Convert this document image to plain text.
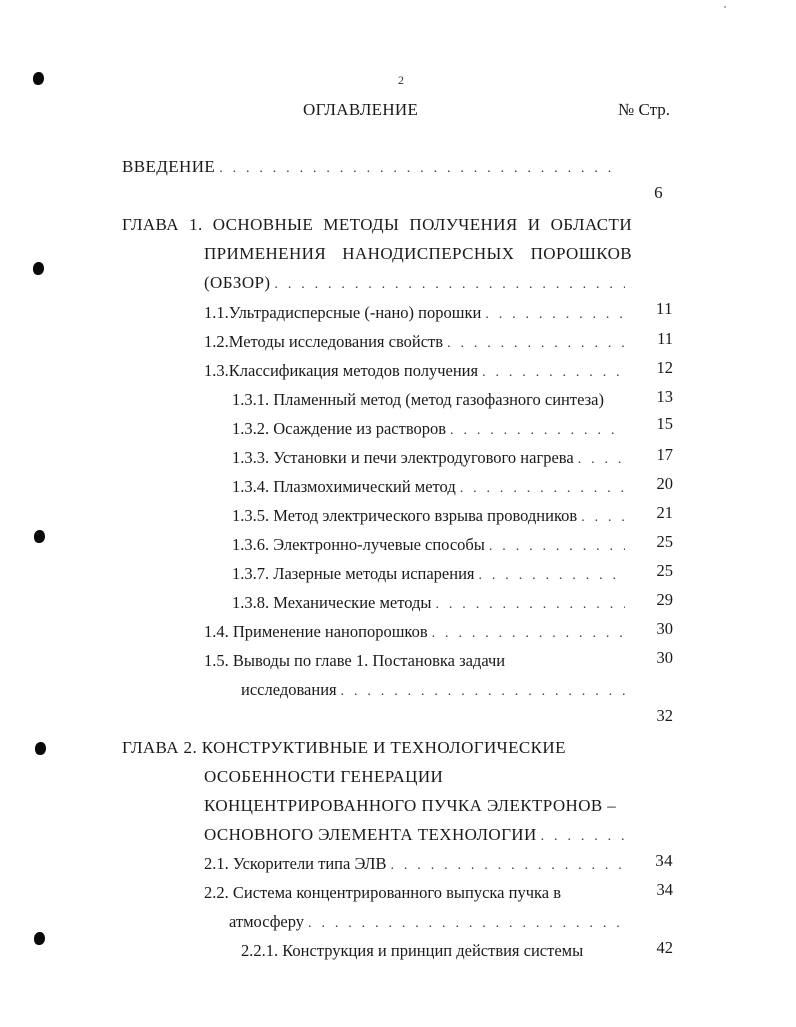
2
ОГЛАВЛЕНИЕ	№ Стр.
ВВЕДЕНИЕ
. . .
6
ГЛАВА 1. ОСНОВНЫЕ МЕТОДЫ ПОЛУЧЕНИЯ И ОБЛАСТИ
ПРИМЕНЕНИЯ НАНОДИСПЕРСНЫХ ПОРОШКОВ
(ОБЗОР)
. . .
11
1.1. Ультрадисперсные (-нано) порошки
. . .
11
1.2. Методы исследования свойств
. . .
12
1.3. Классификация методов получения
. . .
13
1.3.1. Пламенный метод (метод газофазного синтеза)
15
1.3.2. Осаждение из растворов
. . .
17
1.3.3. Установки и печи электродугового нагрева
. . .
20
1.3.4. Плазмохимический метод
. . .
21
1.3.5. Метод электрического взрыва проводников
. . .
25
1.3.6. Электронно-лучевые способы
. . .
25
1.3.7. Лазерные методы испарения
. . .
29
1.3.8. Механические методы
. . .
30
1.4. Применение нанопорошков
. . .
30
1.5. Выводы по главе 1. Постановка задачи
исследования
. . .
32
ГЛАВА 2. КОНСТРУКТИВНЫЕ И ТЕХНОЛОГИЧЕСКИЕ
ОСОБЕННОСТИ ГЕНЕРАЦИИ
КОНЦЕНТРИРОВАННОГО ПУЧКА ЭЛЕКТРОНОВ –
ОСНОВНОГО ЭЛЕМЕНТА ТЕХНОЛОГИИ
. . .
34
2.1. Ускорители типа ЭЛВ
. . .
34
2.2. Система концентрированного выпуска пучка в
атмосферу
. . .
42
2.2.1. Конструкция и принцип действия системы
